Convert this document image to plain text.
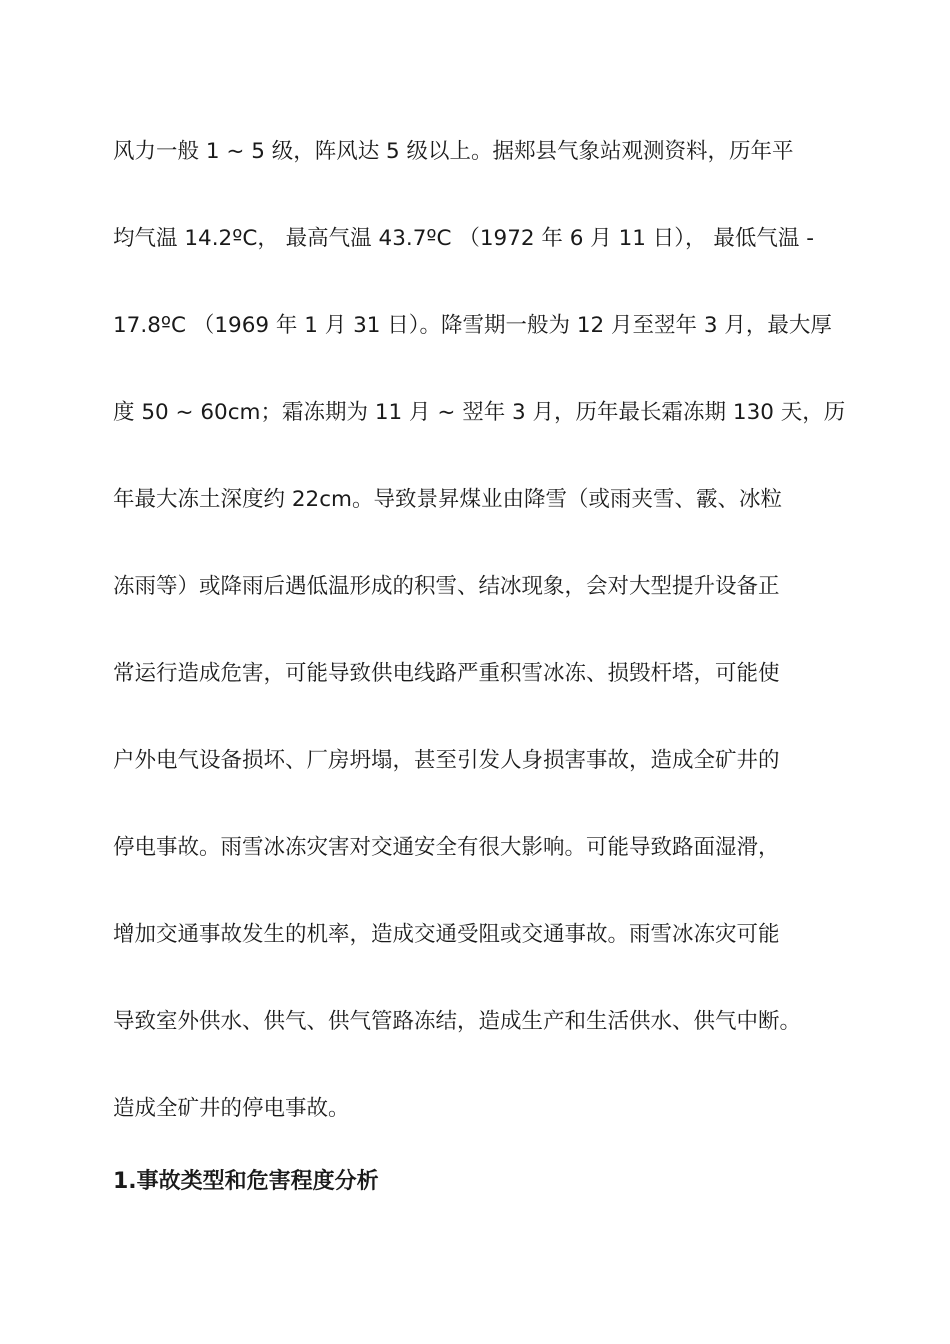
风力一般 1 ~ 5 级，阵风达 5 级以上。据郏县气象站观测资料，历年平
均气温 14.2ºC， 最高气温 43.7ºC （1972 年 6 月 11 日）， 最低气温 -
17.8ºC （1969 年 1 月 31 日）。降雪期一般为 12 月至翌年 3 月，最大厚
度 50 ~ 60cm；霜冻期为 11 月 ~ 翌年 3 月，历年最长霜冻期 130 天，历
年最大冻土深度约 22cm。导致景昇煤业由降雪（或雨夹雪、霰、冰粒
冻雨等）或降雨后遇低温形成的积雪、结冰现象，会对大型提升设备正
常运行造成危害，可能导致供电线路严重积雪冰冻、损毁杆塔，可能使
户外电气设备损坏、厂房坍塌，甚至引发人身损害事故，造成全矿井的
停电事故。雨雪冰冻灾害对交通安全有很大影响。可能导致路面湿滑，
增加交通事故发生的机率，造成交通受阻或交通事故。雨雪冰冻灾可能
导致室外供水、供气、供气管路冻结，造成生产和生活供水、供气中断。
造成全矿井的停电事故。
1.事故类型和危害程度分析
